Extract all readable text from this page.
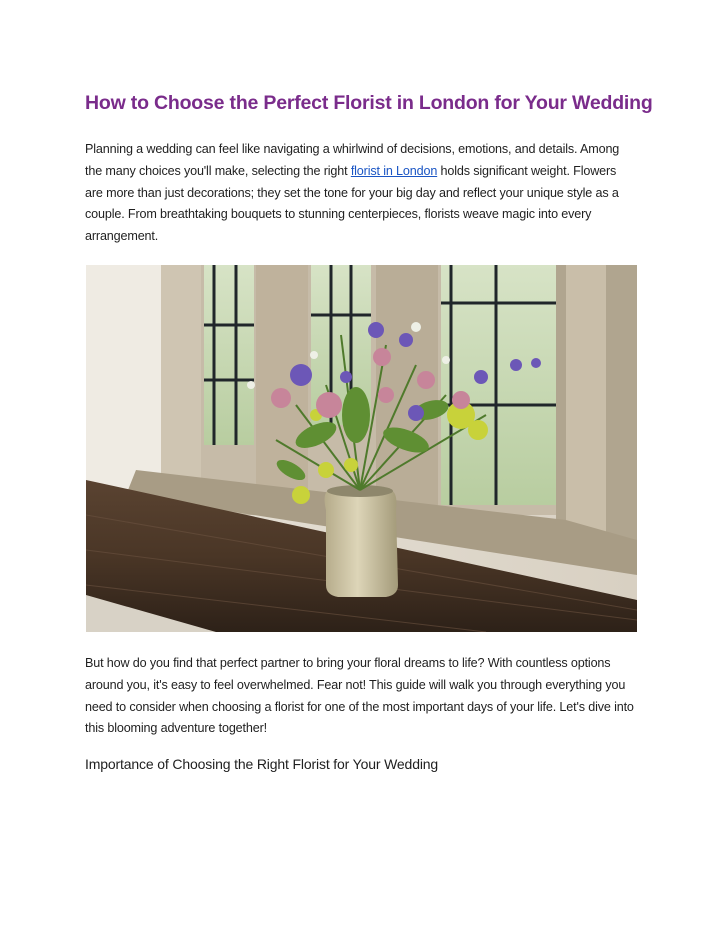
How to Choose the Perfect Florist in London for Your Wedding

Planning a wedding can feel like navigating a whirlwind of decisions, emotions, and details. Among the many choices you'll make, selecting the right florist in London holds significant weight. Flowers are more than just decorations; they set the tone for your big day and reflect your unique style as a couple. From breathtaking bouquets to stunning centerpieces, florists weave magic into every arrangement.

But how do you find that perfect partner to bring your floral dreams to life? With countless options around you, it's easy to feel overwhelmed. Fear not! This guide will walk you through everything you need to consider when choosing a florist for one of the most important days of your life. Let's dive into this blooming adventure together!

Importance of Choosing the Right Florist for Your Wedding
